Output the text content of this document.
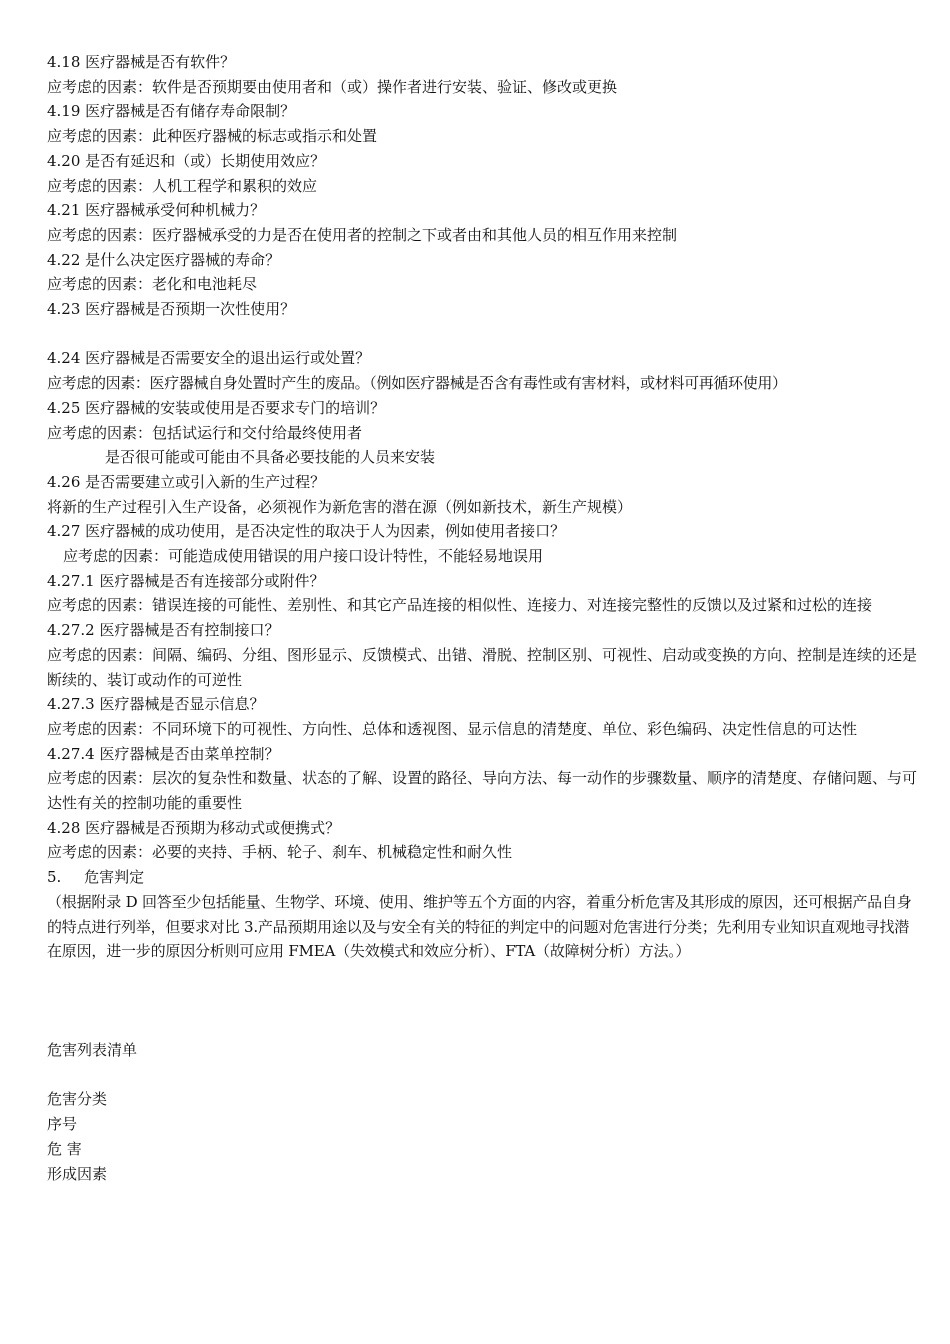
4.18 医疗器械是否有软件？
应考虑的因素：软件是否预期要由使用者和（或）操作者进行安装、验证、修改或更换
4.19 医疗器械是否有储存寿命限制？
应考虑的因素：此种医疗器械的标志或指示和处置
4.20 是否有延迟和（或）长期使用效应？
应考虑的因素：人机工程学和累积的效应
4.21 医疗器械承受何种机械力？
应考虑的因素：医疗器械承受的力是否在使用者的控制之下或者由和其他人员的相互作用来控制
4.22 是什么决定医疗器械的寿命？
应考虑的因素：老化和电池耗尽
4.23 医疗器械是否预期一次性使用？
4.24 医疗器械是否需要安全的退出运行或处置？
应考虑的因素：医疗器械自身处置时产生的废品。（例如医疗器械是否含有毒性或有害材料，或材料可再循环使用）
4.25 医疗器械的安装或使用是否要求专门的培训？
应考虑的因素：包括试运行和交付给最终使用者
是否很可能或可能由不具备必要技能的人员来安装
4.26 是否需要建立或引入新的生产过程？
将新的生产过程引入生产设备，必须视作为新危害的潜在源（例如新技术，新生产规模）
4.27 医疗器械的成功使用，是否决定性的取决于人为因素，例如使用者接口？
应考虑的因素：可能造成使用错误的用户接口设计特性，不能轻易地误用
4.27.1 医疗器械是否有连接部分或附件？
应考虑的因素：错误连接的可能性、差别性、和其它产品连接的相似性、连接力、对连接完整性的反馈以及过紧和过松的连接
4.27.2 医疗器械是否有控制接口？
应考虑的因素：间隔、编码、分组、图形显示、反馈模式、出错、滑脱、控制区别、可视性、启动或变换的方向、控制是连续的还是断续的、装订或动作的可逆性
4.27.3 医疗器械是否显示信息？
应考虑的因素：不同环境下的可视性、方向性、总体和透视图、显示信息的清楚度、单位、彩色编码、决定性信息的可达性
4.27.4 医疗器械是否由菜单控制？
应考虑的因素：层次的复杂性和数量、状态的了解、设置的路径、导向方法、每一动作的步骤数量、顺序的清楚度、存储问题、与可达性有关的控制功能的重要性
4.28 医疗器械是否预期为移动式或便携式？
应考虑的因素：必要的夹持、手柄、轮子、刹车、机械稳定性和耐久性
5. 危害判定
（根据附录 D 回答至少包括能量、生物学、环境、使用、维护等五个方面的内容，着重分析危害及其形成的原因，还可根据产品自身的特点进行列举，但要求对比 3.产品预期用途以及与安全有关的特征的判定中的问题对危害进行分类；先利用专业知识直观地寻找潜在原因，进一步的原因分析则可应用 FMEA（失效模式和效应分析）、FTA（故障树分析）方法。）
危害列表清单
危害分类
序号
危 害
形成因素
